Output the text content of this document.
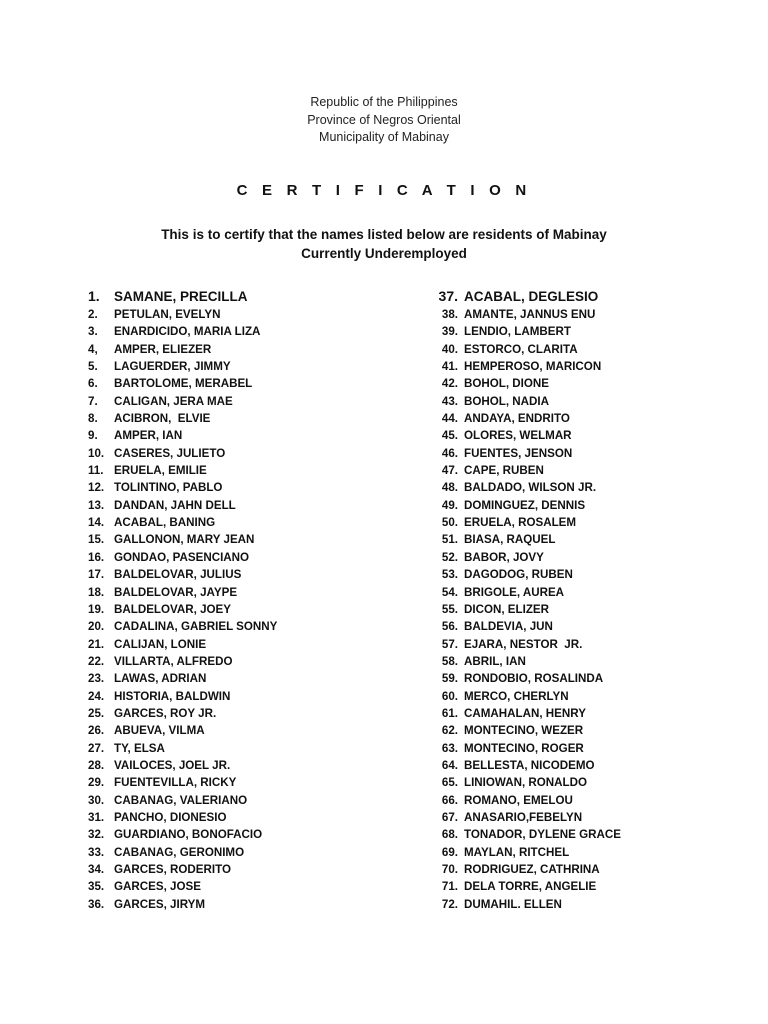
Republic of the Philippines
Province of Negros Oriental
Municipality of Mabinay
C E R T I F I C A T I O N
This is to certify that the names listed below are residents of Mabinay
Currently Underemployed
1. SAMANE, PRECILLA
2. PETULAN, EVELYN
3. ENARDICIDO, MARIA LIZA
4, AMPER, ELIEZER
5. LAGUERDER, JIMMY
6. BARTOLOME, MERABEL
7. CALIGAN, JERA MAE
8. ACIBRON,  ELVIE
9. AMPER, IAN
10. CASERES, JULIETO
11. ERUELA, EMILIE
12. TOLINTINO, PABLO
13. DANDAN, JAHN DELL
14. ACABAL, BANING
15. GALLONON, MARY JEAN
16. GONDAO, PASENCIANO
17. BALDELOVAR, JULIUS
18. BALDELOVAR, JAYPE
19. BALDELOVAR, JOEY
20. CADALINA, GABRIEL SONNY
21. CALIJAN, LONIE
22. VILLARTA, ALFREDO
23. LAWAS, ADRIAN
24. HISTORIA, BALDWIN
25. GARCES, ROY JR.
26. ABUEVA, VILMA
27. TY, ELSA
28. VAILOCES, JOEL JR.
29. FUENTEVILLA, RICKY
30. CABANAG, VALERIANO
31. PANCHO, DIONESIO
32. GUARDIANO, BONOFACIO
33. CABANAG, GERONIMO
34. GARCES, RODERITO
35. GARCES, JOSE
36. GARCES, JIRYM
37. ACABAL, DEGLESIO
38. AMANTE, JANNUS ENU
39. LENDIO, LAMBERT
40. ESTORCO, CLARITA
41. HEMPEROSO, MARICON
42. BOHOL, DIONE
43. BOHOL, NADIA
44. ANDAYA, ENDRITO
45. OLORES, WELMAR
46. FUENTES, JENSON
47. CAPE, RUBEN
48. BALDADO, WILSON JR.
49. DOMINGUEZ, DENNIS
50. ERUELA, ROSALEM
51. BIASA, RAQUEL
52. BABOR, JOVY
53. DAGODOG, RUBEN
54. BRIGOLE, AUREA
55. DICON, ELIZER
56. BALDEVIA, JUN
57. EJARA, NESTOR  JR.
58. ABRIL, IAN
59. RONDOBIO, ROSALINDA
60. MERCO, CHERLYN
61. CAMAHALAN, HENRY
62. MONTECINO, WEZER
63. MONTECINO, ROGER
64. BELLESTA, NICODEMO
65. LINIOWAN, RONALDO
66. ROMANO, EMELOU
67. ANASARIO,FEBELYN
68. TONADOR, DYLENE GRACE
69. MAYLAN, RITCHEL
70. RODRIGUEZ, CATHRINA
71. DELA TORRE, ANGELIE
72. DUMAHIL. ELLEN
